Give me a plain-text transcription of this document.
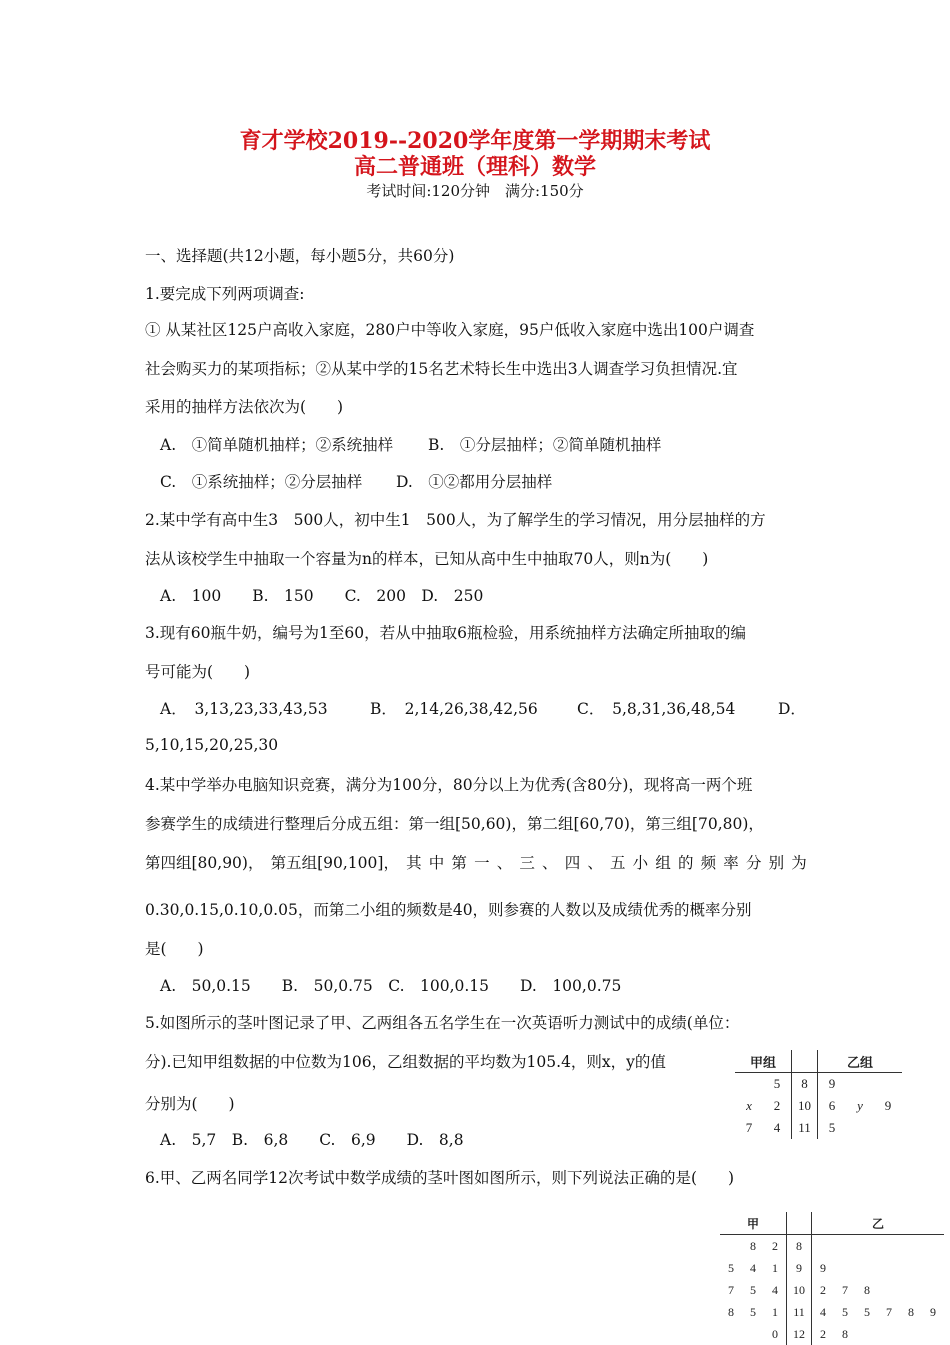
育才学校2019--2020学年度第一学期期末考试
高二普通班（理科）数学
考试时间:120分钟　满分:150分
一、选择题(共12小题，每小题5分，共60分)
1.要完成下列两项调查:
① 从某社区125户高收入家庭，280户中等收入家庭，95户低收入家庭中选出100户调查
社会购买力的某项指标；②从某中学的15名艺术特长生中选出3人调查学习负担情况.宜
采用的抽样方法依次为(　　)
A.　①简单随机抽样；②系统抽样 B.　①分层抽样；②简单随机抽样
C.　①系统抽样；②分层抽样 D.　①②都用分层抽样
2.某中学有高中生3　500人，初中生1　500人，为了解学生的学习情况，用分层抽样的方
法从该校学生中抽取一个容量为n的样本，已知从高中生中抽取70人，则n为(　　)
A.　100　　B.　150　　C.　200　D.　250
3.现有60瓶牛奶，编号为1至60，若从中抽取6瓶检验，用系统抽样方法确定所抽取的编
号可能为(　　)
A．　3,13,23,33,43,53	B．　2,14,26,38,42,56	C．　5,8,31,36,48,54	D．
5,10,15,20,25,30
4.某中学举办电脑知识竞赛，满分为100分，80分以上为优秀(含80分)，现将高一两个班
参赛学生的成绩进行整理后分成五组：第一组[50,60)，第二组[60,70)，第三组[70,80)，
第四组[80,90)， 第五组[90,100]， 其 中 第 一 、 三 、 四 、 五 小 组 的 频 率 分 别 为
0.30,0.15,0.10,0.05，而第二小组的频数是40，则参赛的人数以及成绩优秀的概率分别
是(　　)
A.　50,0.15　　B.　50,0.75　C.　100,0.15　　D.　100,0.75
5.如图所示的茎叶图记录了甲、乙两组各五名学生在一次英语听力测试中的成绩(单位：
分).已知甲组数据的中位数为106，乙组数据的平均数为105.4，则x，y的值
分别为(　　)
A.　5,7　B.　6,8　　C.　6,9　　D.　8,8
甲组			乙组		
	5	8	9		
x	2	10	6	y	9
7	4	11	5		
6.甲、乙两名同学12次考试中数学成绩的茎叶图如图所示，则下列说法正确的是(　　)
甲				乙					
	8	2	8						
5	4	1	9	9					
7	5	4	10	2	7	8			
8	5	1	11	4	5	5	7	8	9
		0	12	2	8				
